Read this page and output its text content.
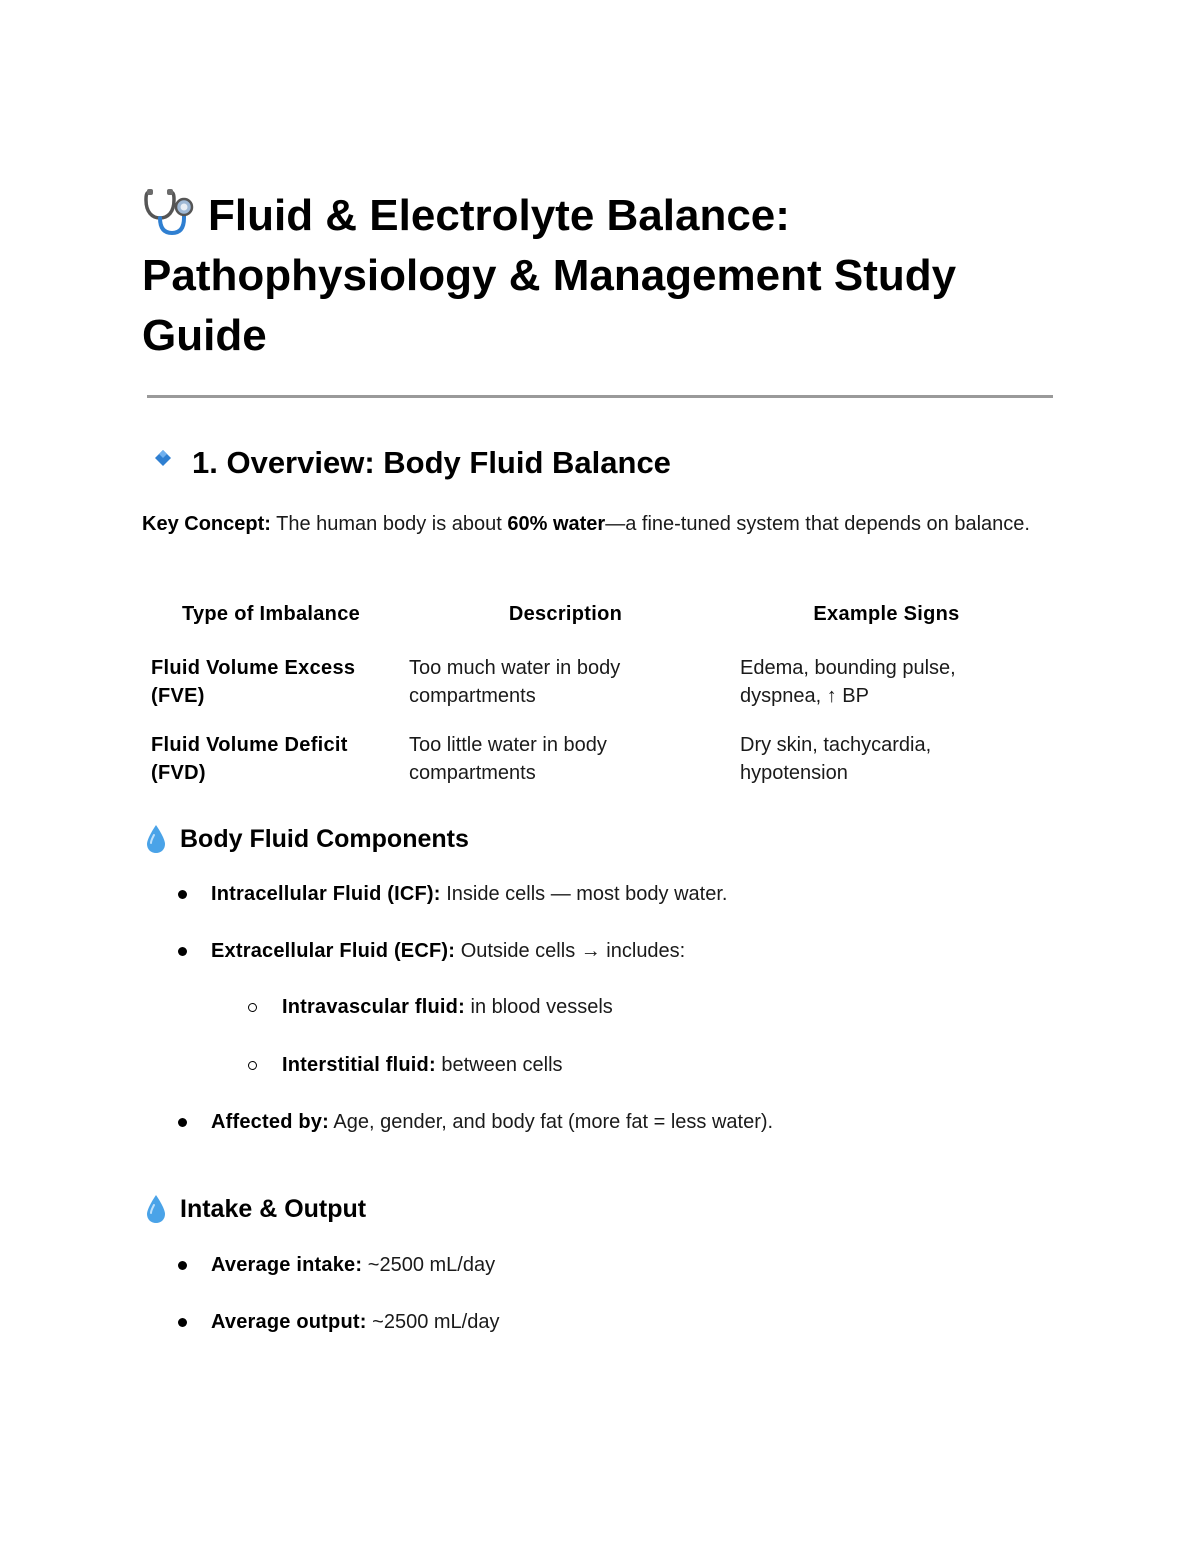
Fluid & Electrolyte Balance: Pathophysiology & Management Study Guide
1. Overview: Body Fluid Balance

Key Concept: The human body is about 60% water—a fine-tuned system that depends on balance.

Type of Imbalance	Description	Example Signs
Fluid Volume Excess (FVE)	Too much water in body compartments	Edema, bounding pulse, dyspnea, ↑ BP
Fluid Volume Deficit (FVD)	Too little water in body compartments	Dry skin, tachycardia, hypotension
Body Fluid Components
Intracellular Fluid (ICF): Inside cells — most body water.
Extracellular Fluid (ECF): Outside cells → includes:
Intravascular fluid: in blood vessels
Interstitial fluid: between cells
Affected by: Age, gender, and body fat (more fat = less water).
Intake & Output
Average intake: ~2500 mL/day
Average output: ~2500 mL/day
